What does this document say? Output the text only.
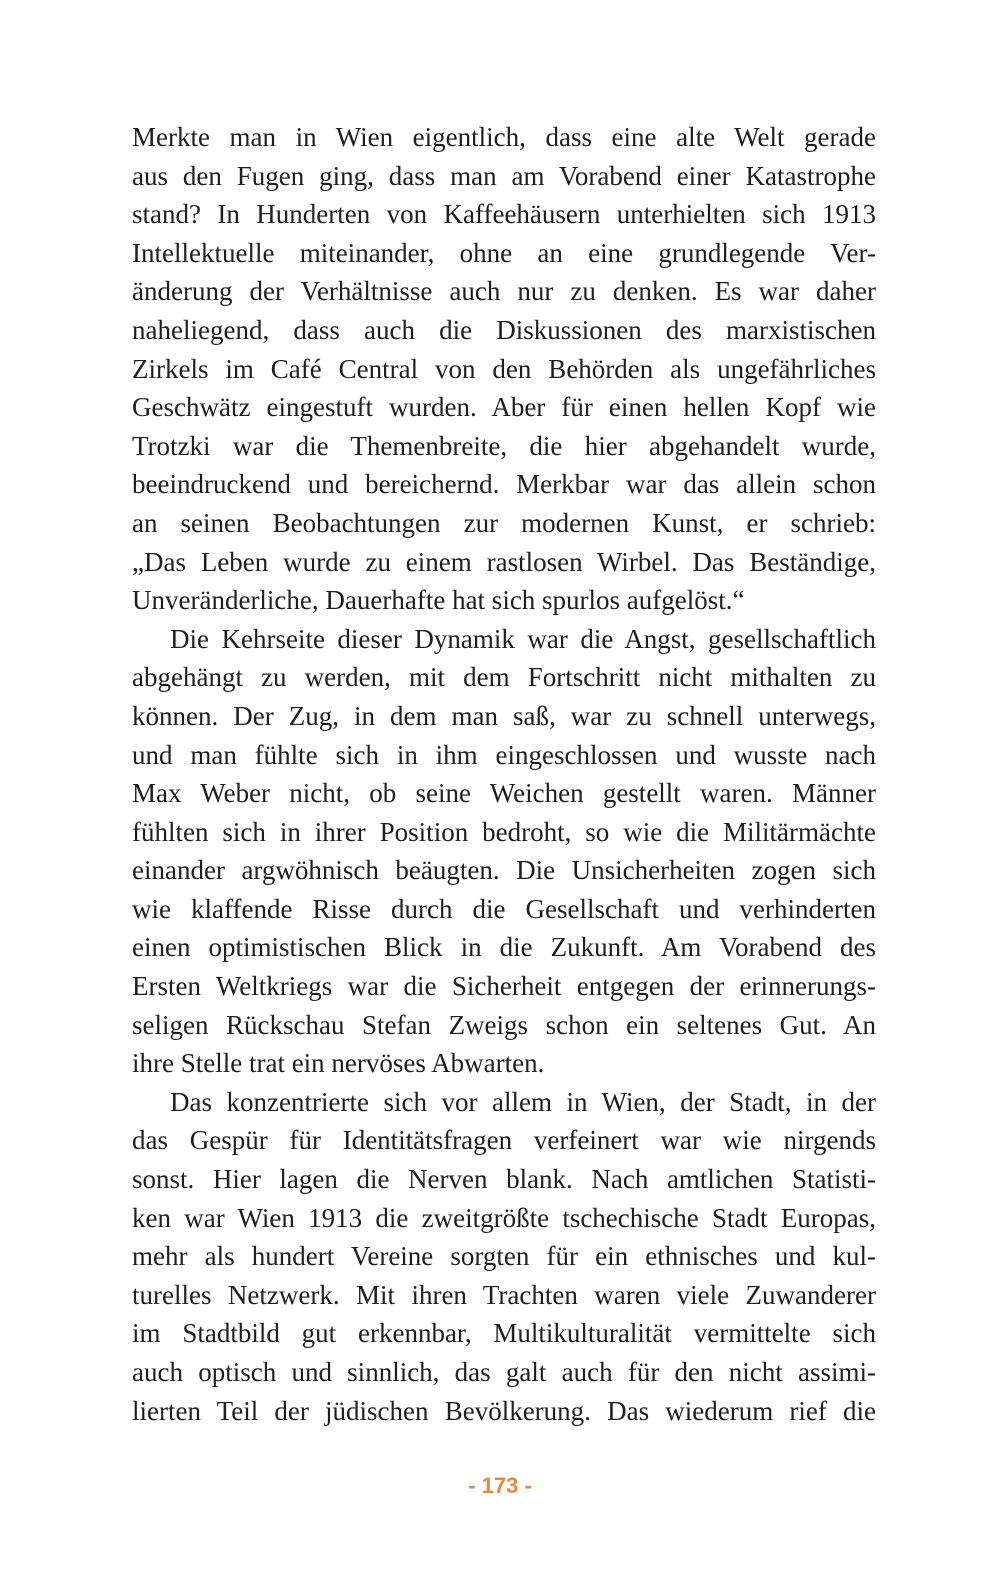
Merkte man in Wien eigentlich, dass eine alte Welt gerade
aus den Fugen ging, dass man am Vorabend einer Katastrophe
stand? In Hunderten von Kaffeehäusern unterhielten sich 1913
Intellektuelle miteinander, ohne an eine grundlegende Ver-
änderung der Verhältnisse auch nur zu denken. Es war daher
naheliegend, dass auch die Diskussionen des marxistischen
Zirkels im Café Central von den Behörden als ungefährliches
Geschwätz eingestuft wurden. Aber für einen hellen Kopf wie
Trotzki war die Themenbreite, die hier abgehandelt wurde,
beeindruckend und bereichernd. Merkbar war das allein schon
an seinen Beobachtungen zur modernen Kunst, er schrieb:
„Das Leben wurde zu einem rastlosen Wirbel. Das Beständige,
Unveränderliche, Dauerhafte hat sich spurlos aufgelöst.“
Die Kehrseite dieser Dynamik war die Angst, gesellschaftlich
abgehängt zu werden, mit dem Fortschritt nicht mithalten zu
können. Der Zug, in dem man saß, war zu schnell unterwegs,
und man fühlte sich in ihm eingeschlossen und wusste nach
Max Weber nicht, ob seine Weichen gestellt waren. Männer
fühlten sich in ihrer Position bedroht, so wie die Militärmächte
einander argwöhnisch beäugten. Die Unsicherheiten zogen sich
wie klaffende Risse durch die Gesellschaft und verhinderten
einen optimistischen Blick in die Zukunft. Am Vorabend des
Ersten Weltkriegs war die Sicherheit entgegen der erinnerungs-
seligen Rückschau Stefan Zweigs schon ein seltenes Gut. An
ihre Stelle trat ein nervöses Abwarten.
Das konzentrierte sich vor allem in Wien, der Stadt, in der
das Gespür für Identitätsfragen verfeinert war wie nirgends
sonst. Hier lagen die Nerven blank. Nach amtlichen Statisti-
ken war Wien 1913 die zweitgrößte tschechische Stadt Europas,
mehr als hundert Vereine sorgten für ein ethnisches und kul-
turelles Netzwerk. Mit ihren Trachten waren viele Zuwanderer
im Stadtbild gut erkennbar, Multikulturalität vermittelte sich
auch optisch und sinnlich, das galt auch für den nicht assimi-
lierten Teil der jüdischen Bevölkerung. Das wiederum rief die
- 173 -
